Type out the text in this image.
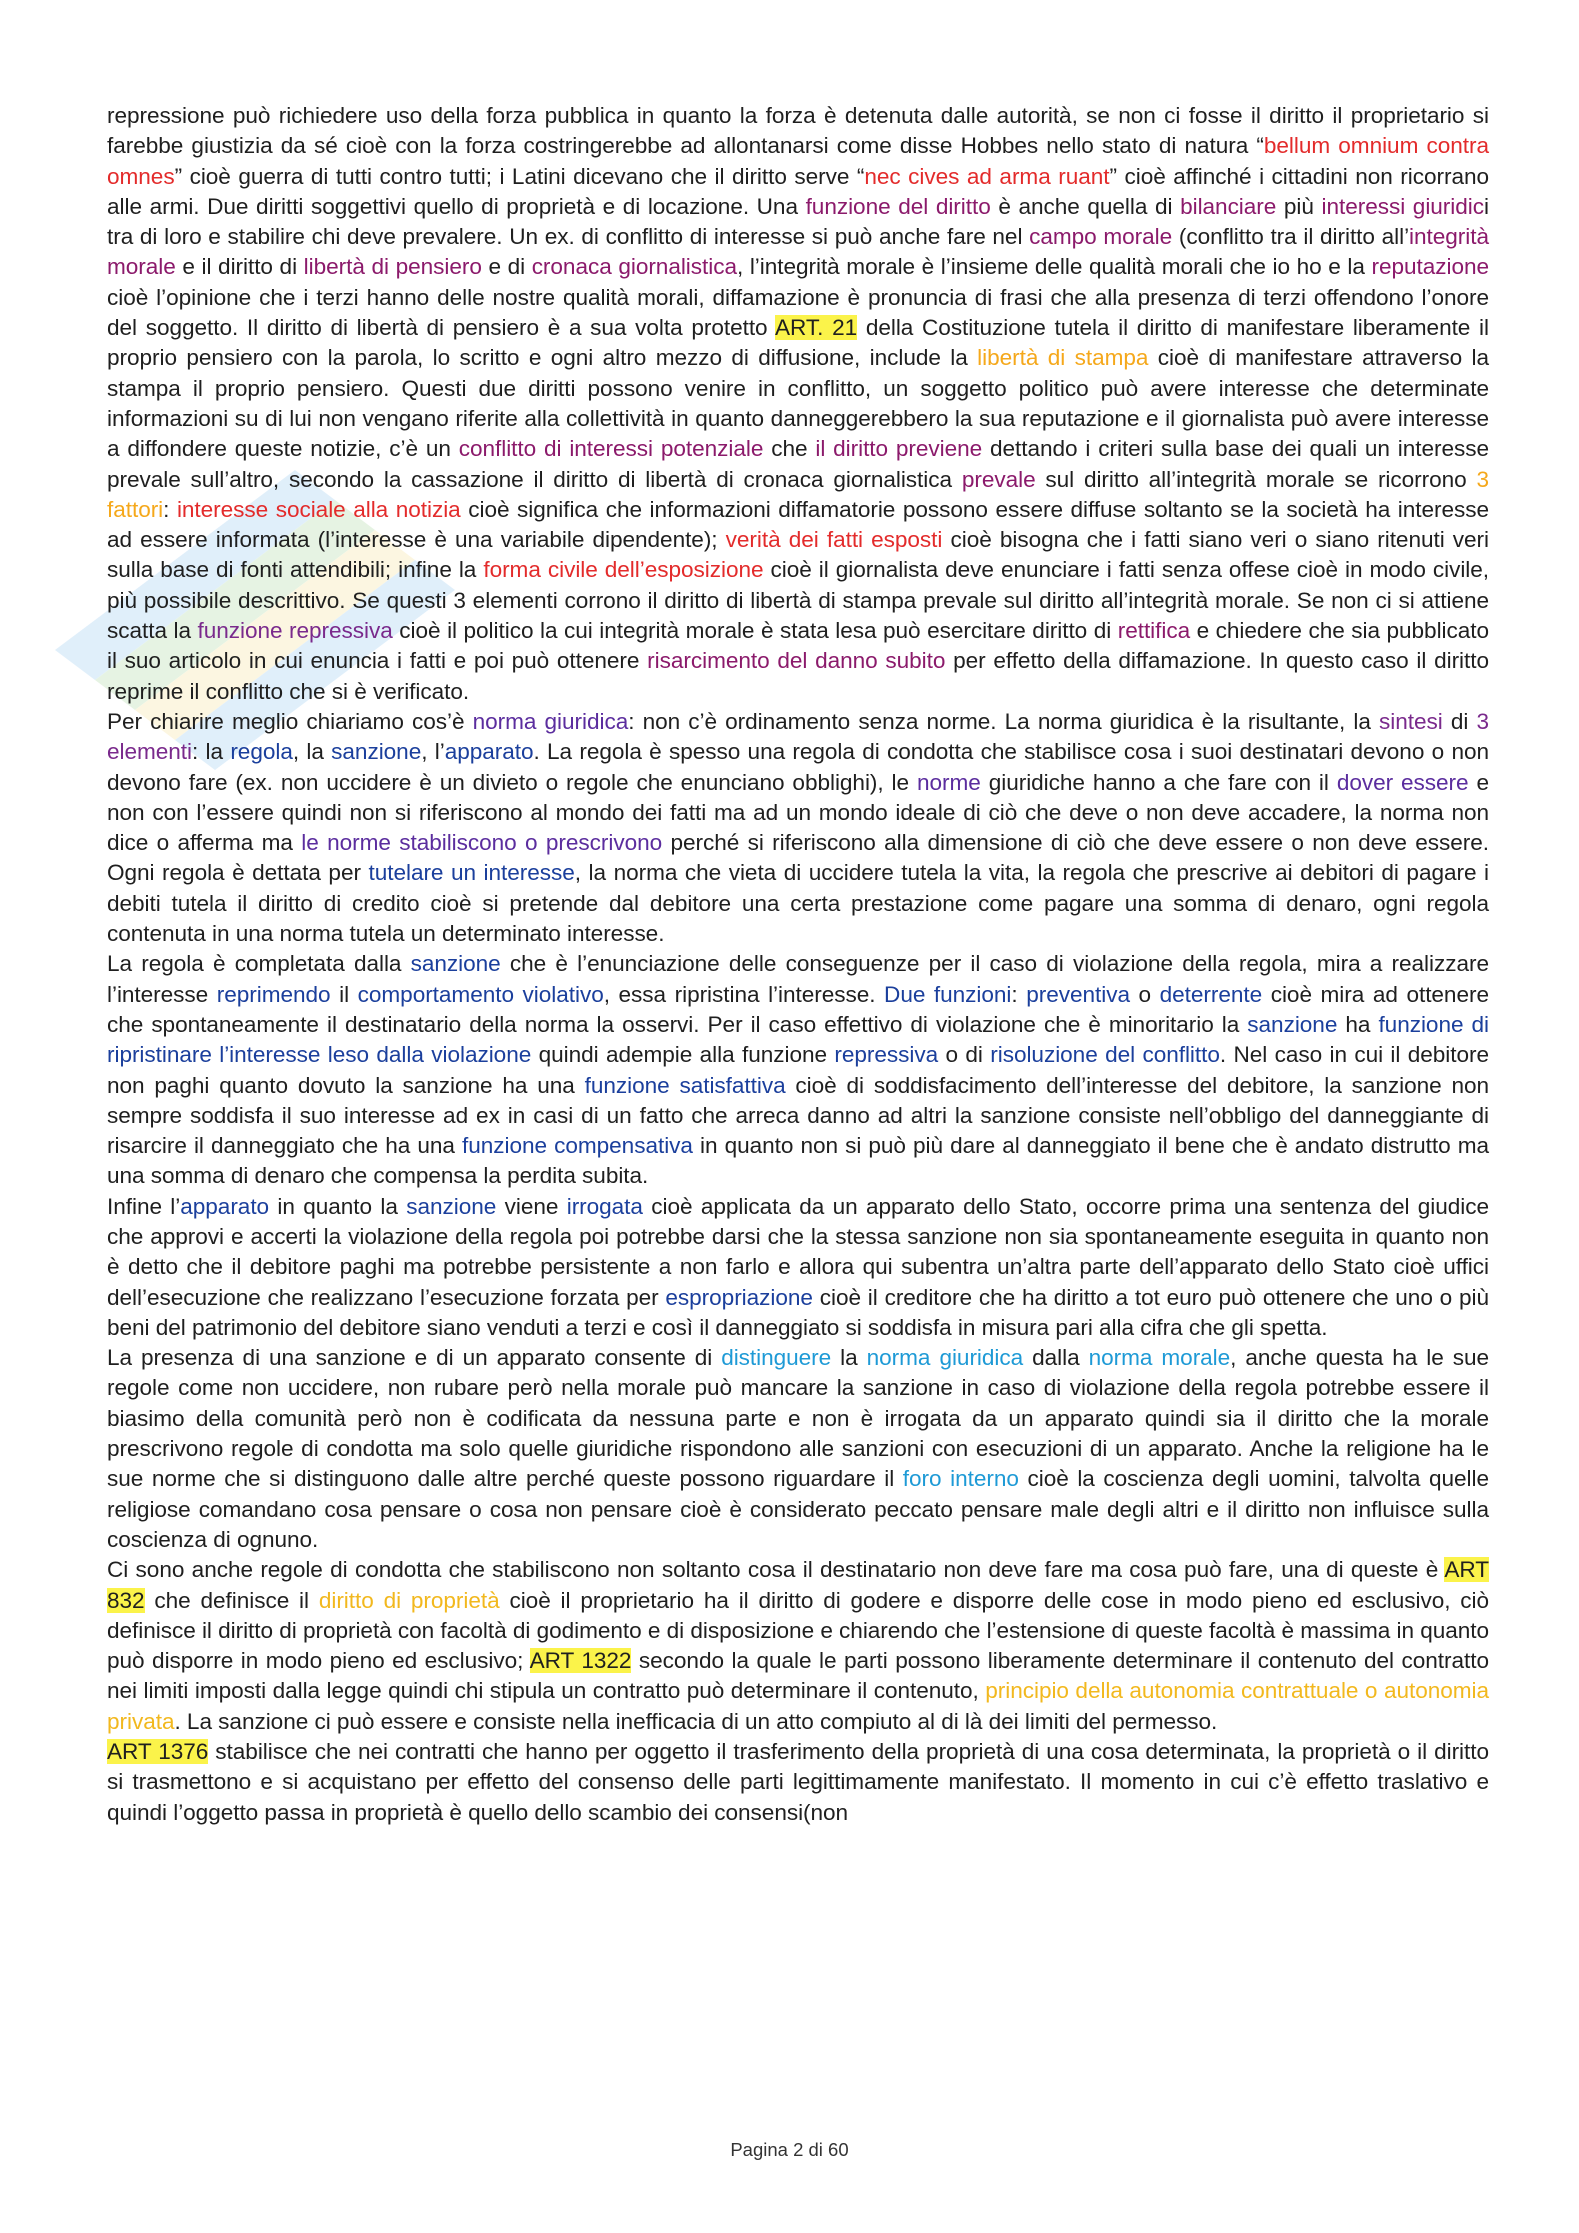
repressione può richiedere uso della forza pubblica in quanto la forza è detenuta dalle autorità, se non ci fosse il diritto il proprietario si farebbe giustizia da sé cioè con la forza costringerebbe ad allontanarsi come disse Hobbes nello stato di natura “bellum omnium contra omnes” cioè guerra di tutti contro tutti; i Latini dicevano che il diritto serve “nec cives ad arma ruant” cioè affinché i cittadini non ricorrano alle armi. Due diritti soggettivi quello di proprietà e di locazione. Una funzione del diritto è anche quella di bilanciare più interessi giuridici tra di loro e stabilire chi deve prevalere. Un ex. di conflitto di interesse si può anche fare nel campo morale (conflitto tra il diritto all’integrità morale e il diritto di libertà di pensiero e di cronaca giornalistica, l’integrità morale è l’insieme delle qualità morali che io ho e la reputazione cioè l’opinione che i terzi hanno delle nostre qualità morali, diffamazione è pronuncia di frasi che alla presenza di terzi offendono l’onore del soggetto. Il diritto di libertà di pensiero è a sua volta protetto ART. 21 della Costituzione tutela il diritto di manifestare liberamente il proprio pensiero con la parola, lo scritto e ogni altro mezzo di diffusione, include la libertà di stampa cioè di manifestare attraverso la stampa il proprio pensiero. Questi due diritti possono venire in conflitto, un soggetto politico può avere interesse che determinate informazioni su di lui non vengano riferite alla collettività in quanto danneggerebbero la sua reputazione e il giornalista può avere interesse a diffondere queste notizie, c’è un conflitto di interessi potenziale che il diritto previene dettando i criteri sulla base dei quali un interesse prevale sull’altro, secondo la cassazione il diritto di libertà di cronaca giornalistica prevale sul diritto all’integrità morale se ricorrono 3 fattori: interesse sociale alla notizia cioè significa che informazioni diffamatorie possono essere diffuse soltanto se la società ha interesse ad essere informata (l’interesse è una variabile dipendente); verità dei fatti esposti cioè bisogna che i fatti siano veri o siano ritenuti veri sulla base di fonti attendibili; infine la forma civile dell’esposizione cioè il giornalista deve enunciare i fatti senza offese cioè in modo civile, più possibile descrittivo. Se questi 3 elementi corrono il diritto di libertà di stampa prevale sul diritto all’integrità morale. Se non ci si attiene scatta la funzione repressiva cioè il politico la cui integrità morale è stata lesa può esercitare diritto di rettifica e chiedere che sia pubblicato il suo articolo in cui enuncia i fatti e poi può ottenere risarcimento del danno subito per effetto della diffamazione. In questo caso il diritto reprime il conflitto che si è verificato.

Per chiarire meglio chiariamo cos’è norma giuridica: non c’è ordinamento senza norme. La norma giuridica è la risultante, la sintesi di 3 elementi: la regola, la sanzione, l’apparato. La regola è spesso una regola di condotta che stabilisce cosa i suoi destinatari devono o non devono fare (ex. non uccidere è un divieto o regole che enunciano obblighi), le norme giuridiche hanno a che fare con il dover essere e non con l’essere quindi non si riferiscono al mondo dei fatti ma ad un mondo ideale di ciò che deve o non deve accadere, la norma non dice o afferma ma le norme stabiliscono o prescrivono perché si riferiscono alla dimensione di ciò che deve essere o non deve essere. Ogni regola è dettata per tutelare un interesse, la norma che vieta di uccidere tutela la vita, la regola che prescrive ai debitori di pagare i debiti tutela il diritto di credito cioè si pretende dal debitore una certa prestazione come pagare una somma di denaro, ogni regola contenuta in una norma tutela un determinato interesse.

La regola è completata dalla sanzione che è l’enunciazione delle conseguenze per il caso di violazione della regola, mira a realizzare l’interesse reprimendo il comportamento violativo, essa ripristina l’interesse. Due funzioni: preventiva o deterrente cioè mira ad ottenere che spontaneamente il destinatario della norma la osservi. Per il caso effettivo di violazione che è minoritario la sanzione ha funzione di ripristinare l’interesse leso dalla violazione quindi adempie alla funzione repressiva o di risoluzione del conflitto. Nel caso in cui il debitore non paghi quanto dovuto la sanzione ha una funzione satisfattiva cioè di soddisfacimento dell’interesse del debitore, la sanzione non sempre soddisfa il suo interesse ad ex in casi di un fatto che arreca danno ad altri la sanzione consiste nell’obbligo del danneggiante di risarcire il danneggiato che ha una funzione compensativa in quanto non si può più dare al danneggiato il bene che è andato distrutto ma una somma di denaro che compensa la perdita subita.

Infine l’apparato in quanto la sanzione viene irrogata cioè applicata da un apparato dello Stato, occorre prima una sentenza del giudice che approvi e accerti la violazione della regola poi potrebbe darsi che la stessa sanzione non sia spontaneamente eseguita in quanto non è detto che il debitore paghi ma potrebbe persistente a non farlo e allora qui subentra un’altra parte dell’apparato dello Stato cioè uffici dell’esecuzione che realizzano l’esecuzione forzata per espropriazione cioè il creditore che ha diritto a tot euro può ottenere che uno o più beni del patrimonio del debitore siano venduti a terzi e così il danneggiato si soddisfa in misura pari alla cifra che gli spetta.

La presenza di una sanzione e di un apparato consente di distinguere la norma giuridica dalla norma morale, anche questa ha le sue regole come non uccidere, non rubare però nella morale può mancare la sanzione in caso di violazione della regola potrebbe essere il biasimo della comunità però non è codificata da nessuna parte e non è irrogata da un apparato quindi sia il diritto che la morale prescrivono regole di condotta ma solo quelle giuridiche rispondono alle sanzioni con esecuzioni di un apparato. Anche la religione ha le sue norme che si distinguono dalle altre perché queste possono riguardare il foro interno cioè la coscienza degli uomini, talvolta quelle religiose comandano cosa pensare o cosa non pensare cioè è considerato peccato pensare male degli altri e il diritto non influisce sulla coscienza di ognuno.

Ci sono anche regole di condotta che stabiliscono non soltanto cosa il destinatario non deve fare ma cosa può fare, una di queste è ART 832 che definisce il diritto di proprietà cioè il proprietario ha il diritto di godere e disporre delle cose in modo pieno ed esclusivo, ciò definisce il diritto di proprietà con facoltà di godimento e di disposizione e chiarendo che l’estensione di queste facoltà è massima in quanto può disporre in modo pieno ed esclusivo; ART 1322 secondo la quale le parti possono liberamente determinare il contenuto del contratto nei limiti imposti dalla legge quindi chi stipula un contratto può determinare il contenuto, principio della autonomia contrattuale o autonomia privata. La sanzione ci può essere e consiste nella inefficacia di un atto compiuto al di là dei limiti del permesso.

ART 1376 stabilisce che nei contratti che hanno per oggetto il trasferimento della proprietà di una cosa determinata, la proprietà o il diritto si trasmettono e si acquistano per effetto del consenso delle parti legittimamente manifestato. Il momento in cui c’è effetto traslativo e quindi l’oggetto passa in proprietà è quello dello scambio dei consensi(non

Pagina 2 di 60
